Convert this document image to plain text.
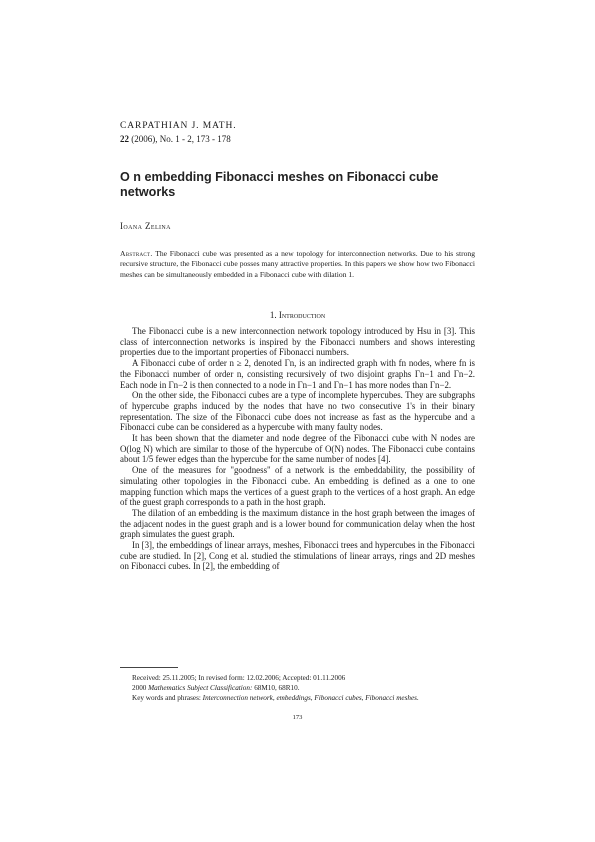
CARPATHIAN J. MATH.
22 (2006), No. 1 - 2, 173 - 178
O n embedding Fibonacci meshes on Fibonacci cube networks
Ioana Zelina
Abstract. The Fibonacci cube was presented as a new topology for interconnection networks. Due to his strong recursive structure, the Fibonacci cube posses many attractive properties. In this papers we show how two Fibonacci meshes can be simultaneously embedded in a Fibonacci cube with dilation 1.
1. Introduction

The Fibonacci cube is a new interconnection network topology introduced by Hsu in [3]. This class of interconnection networks is inspired by the Fibonacci numbers and shows interesting properties due to the important properties of Fibonacci numbers.

A Fibonacci cube of order n ≥ 2, denoted Γn, is an indirected graph with fn nodes, where fn is the Fibonacci number of order n, consisting recursively of two disjoint graphs Γn−1 and Γn−2. Each node in Γn−2 is then connected to a node in Γn−1 and Γn−1 has more nodes than Γn−2.

On the other side, the Fibonacci cubes are a type of incomplete hypercubes. They are subgraphs of hypercube graphs induced by the nodes that have no two consecutive 1's in their binary representation. The size of the Fibonacci cube does not increase as fast as the hypercube and a Fibonacci cube can be considered as a hypercube with many faulty nodes.

It has been shown that the diameter and node degree of the Fibonacci cube with N nodes are O(log N) which are similar to those of the hypercube of O(N) nodes. The Fibonacci cube contains about 1/5 fewer edges than the hypercube for the same number of nodes [4].

One of the measures for "goodness" of a network is the embeddability, the possibility of simulating other topologies in the Fibonacci cube. An embedding is defined as a one to one mapping function which maps the vertices of a guest graph to the vertices of a host graph. An edge of the guest graph corresponds to a path in the host graph.

The dilation of an embedding is the maximum distance in the host graph between the images of the adjacent nodes in the guest graph and is a lower bound for communication delay when the host graph simulates the guest graph.

In [3], the embeddings of linear arrays, meshes, Fibonacci trees and hypercubes in the Fibonacci cube are studied. In [2], Cong et al. studied the stimulations of linear arrays, rings and 2D meshes on Fibonacci cubes. In [2], the embedding of

Received: 25.11.2005; In revised form: 12.02.2006; Accepted: 01.11.2006
2000 Mathematics Subject Classification: 68M10, 68R10.
Key words and phrases: Interconnection network, embeddings, Fibonacci cubes, Fibonacci meshes.
173
